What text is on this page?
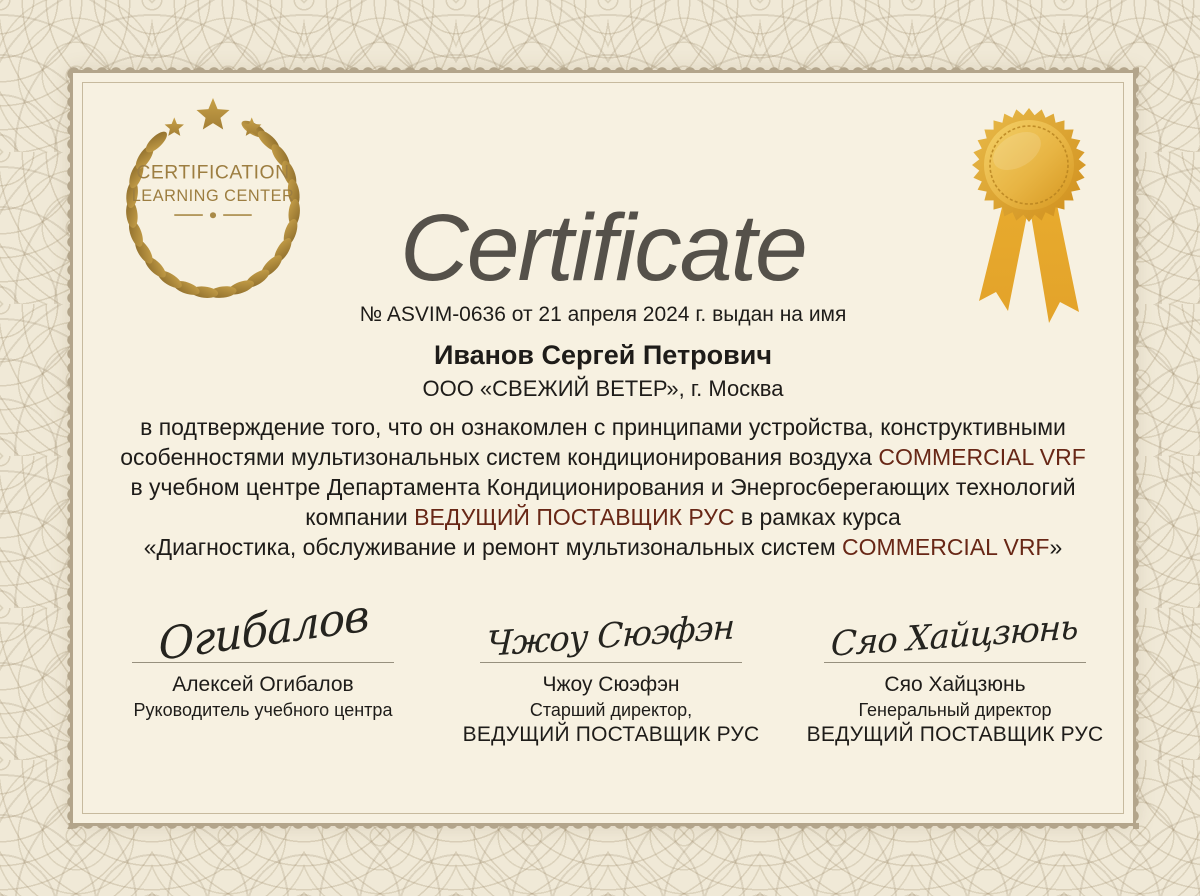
CERTIFICATION
LEARNING CENTER	Certificate
№ ASVIM-0636 от 21 апреля 2024 г. выдан на имя
Иванов Сергей Петрович
ООО «СВЕЖИЙ ВЕТЕР», г. Москва
в подтверждение того, что он ознакомлен с принципами устройства, конструктивными
особенностями мультизональных систем кондиционирования воздуха COMMERCIAL VRF
в учебном центре Департамента Кондиционирования и Энергосберегающих технологий
компании ВЕДУЩИЙ ПОСТАВЩИК РУС в рамках курса
«Диагностика, обслуживание и ремонт мультизональных систем COMMERCIAL VRF»
Огибалов
Алексей Огибалов
Руководитель учебного центра
Чжоу Сюэфэн
Чжоу Сюэфэн
Старший директор,
ВЕДУЩИЙ ПОСТАВЩИК РУС
Сяо Хайцзюнь
Сяо Хайцзюнь
Генеральный директор
ВЕДУЩИЙ ПОСТАВЩИК РУС
